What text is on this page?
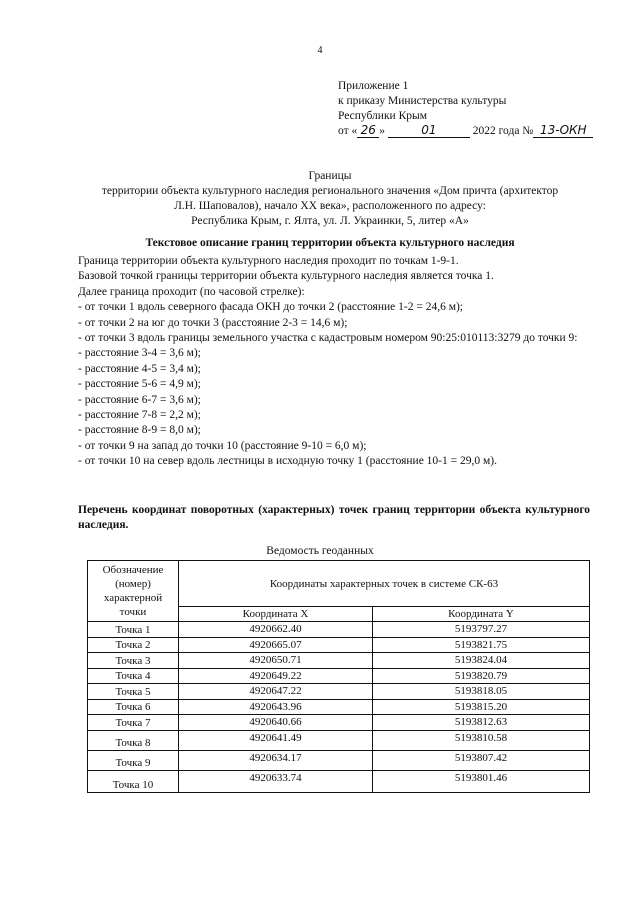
4
Приложение 1
к приказу Министерства культуры
Республики Крым
от « 26 »	01	2022 года № 13-ОКН
Границы
территории объекта культурного наследия регионального значения «Дом причта (архитектор
Л.Н. Шаповалов), начало XX века», расположенного по адресу:
Республика Крым, г. Ялта, ул. Л. Украинки, 5, литер «А»
Текстовое описание границ территории объекта культурного наследия

Граница территории объекта культурного наследия проходит по точкам 1-9-1.

Базовой точкой границы территории объекта культурного наследия является точка 1.

Далее граница проходит (по часовой стрелке):

- от точки 1 вдоль северного фасада ОКН до точки 2 (расстояние 1-2 = 24,6 м);

- от точки 2 на юг до точки 3 (расстояние 2-3 = 14,6 м);

- от точки 3 вдоль границы земельного участка с кадастровым номером 90:25:010113:3279 до точки 9:

- расстояние 3-4 = 3,6 м);

- расстояние 4-5 = 3,4 м);

- расстояние 5-6 = 4,9 м);

- расстояние 6-7 = 3,6 м);

- расстояние 7-8 = 2,2 м);

- расстояние 8-9 = 8,0 м);

- от точки 9 на запад до точки 10 (расстояние 9-10 = 6,0 м);

- от точки 10 на север вдоль лестницы в исходную точку 1 (расстояние 10-1 = 29,0 м).

Перечень координат поворотных (характерных) точек границ территории объекта культурного наследия.
Ведомость геоданных
Обозначение (номер) характерной точки	Координаты характерных точек в системе СК-63	
	Координата X	Координата Y
Точка 1	4920662.40	5193797.27
Точка 2	4920665.07	5193821.75
Точка 3	4920650.71	5193824.04
Точка 4	4920649.22	5193820.79
Точка 5	4920647.22	5193818.05
Точка 6	4920643.96	5193815.20
Точка 7	4920640.66	5193812.63
Точка 8	4920641.49	5193810.58
Точка 9	4920634.17	5193807.42
Точка 10	4920633.74	5193801.46
